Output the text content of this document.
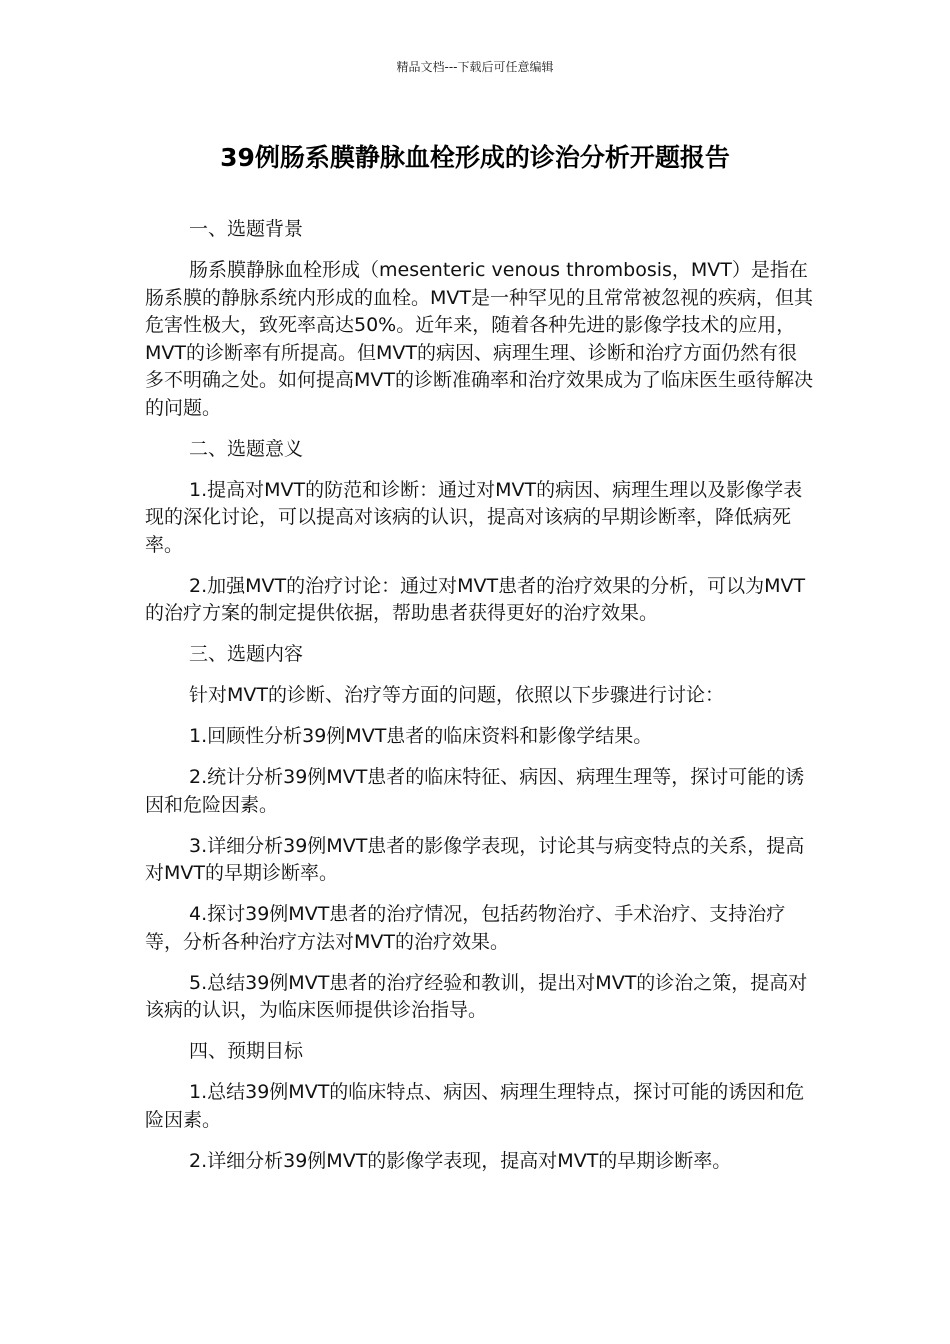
精品文档---下载后可任意编辑
39例肠系膜静脉血栓形成的诊治分析开题报告

一、选题背景

肠系膜静脉血栓形成（mesenteric venous thrombosis，MVT）是指在肠系膜的静脉系统内形成的血栓。MVT是一种罕见的且常常被忽视的疾病，但其危害性极大，致死率高达50%。近年来，随着各种先进的影像学技术的应用，MVT的诊断率有所提高。但MVT的病因、病理生理、诊断和治疗方面仍然有很多不明确之处。如何提高MVT的诊断准确率和治疗效果成为了临床医生亟待解决的问题。

二、选题意义

1.提高对MVT的防范和诊断：通过对MVT的病因、病理生理以及影像学表现的深化讨论，可以提高对该病的认识，提高对该病的早期诊断率，降低病死率。

2.加强MVT的治疗讨论：通过对MVT患者的治疗效果的分析，可以为MVT的治疗方案的制定提供依据，帮助患者获得更好的治疗效果。

三、选题内容

针对MVT的诊断、治疗等方面的问题，依照以下步骤进行讨论：

1.回顾性分析39例MVT患者的临床资料和影像学结果。

2.统计分析39例MVT患者的临床特征、病因、病理生理等，探讨可能的诱因和危险因素。

3.详细分析39例MVT患者的影像学表现，讨论其与病变特点的关系，提高对MVT的早期诊断率。

4.探讨39例MVT患者的治疗情况，包括药物治疗、手术治疗、支持治疗等，分析各种治疗方法对MVT的治疗效果。

5.总结39例MVT患者的治疗经验和教训，提出对MVT的诊治之策，提高对该病的认识，为临床医师提供诊治指导。

四、预期目标

1.总结39例MVT的临床特点、病因、病理生理特点，探讨可能的诱因和危险因素。

2.详细分析39例MVT的影像学表现，提高对MVT的早期诊断率。
